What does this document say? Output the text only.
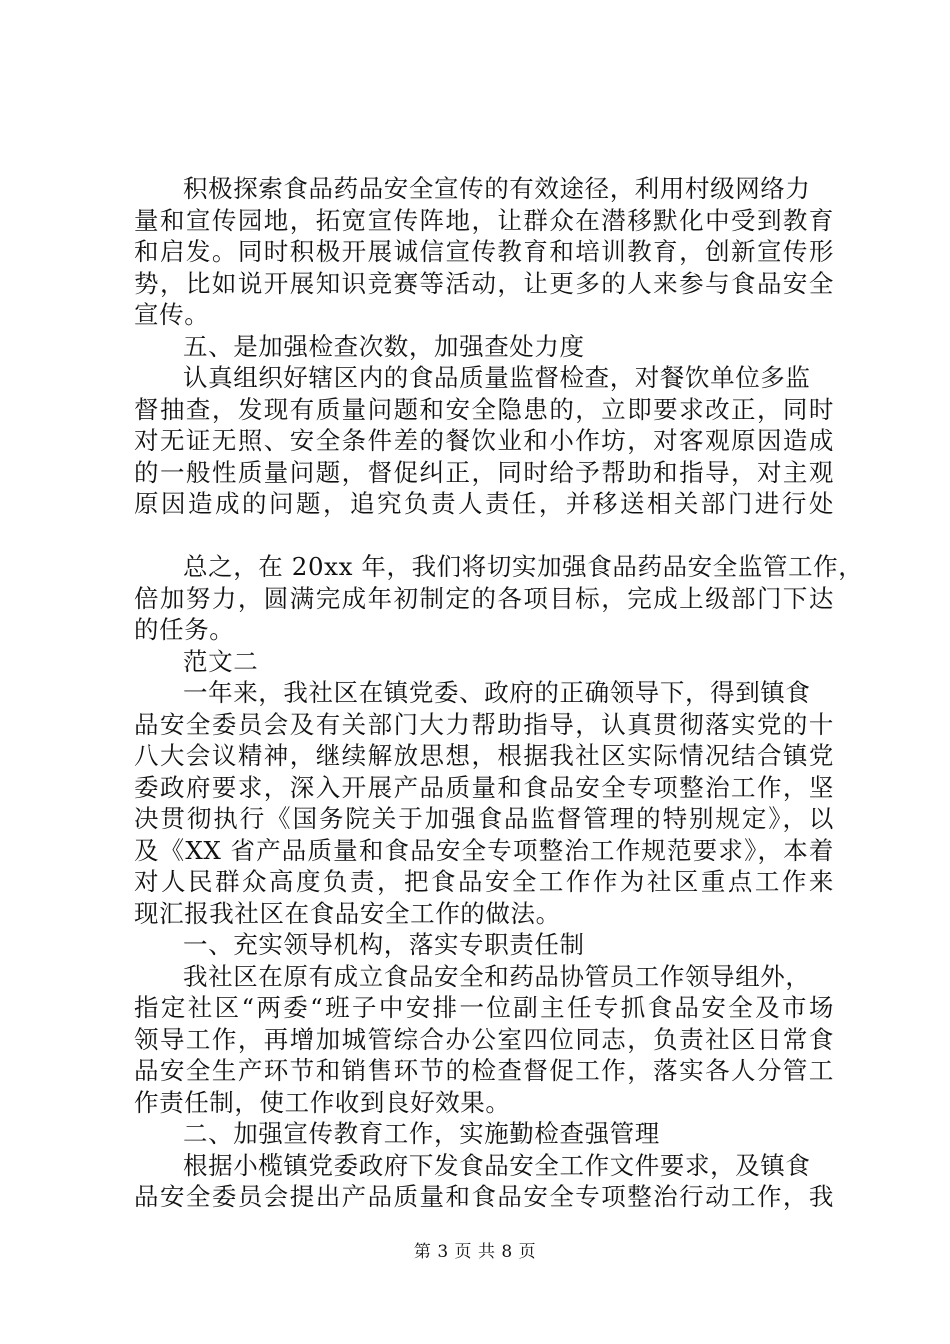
积极探索食品药品安全宣传的有效途径，利用村级网络力
量和宣传园地，拓宽宣传阵地，让群众在潜移默化中受到教育
和启发。同时积极开展诚信宣传教育和培训教育，创新宣传形
势，比如说开展知识竞赛等活动，让更多的人来参与食品安全
宣传。
五、是加强检查次数，加强查处力度
认真组织好辖区内的食品质量监督检查，对餐饮单位多监
督抽查，发现有质量问题和安全隐患的，立即要求改正，同时
对无证无照、安全条件差的餐饮业和小作坊，对客观原因造成
的一般性质量问题，督促纠正，同时给予帮助和指导，对主观
原因造成的问题，追究负责人责任，并移送相关部门进行处
总之，在 20xx 年，我们将切实加强食品药品安全监管工作，
倍加努力，圆满完成年初制定的各项目标，完成上级部门下达
的任务。
范文二
一年来，我社区在镇党委、政府的正确领导下，得到镇食
品安全委员会及有关部门大力帮助指导，认真贯彻落实党的十
八大会议精神，继续解放思想，根据我社区实际情况结合镇党
委政府要求，深入开展产品质量和食品安全专项整治工作，坚
决贯彻执行《国务院关于加强食品监督管理的特别规定》，以
及《XX 省产品质量和食品安全专项整治工作规范要求》，本着
对人民群众高度负责，把食品安全工作作为社区重点工作来
现汇报我社区在食品安全工作的做法。
一、充实领导机构，落实专职责任制
我社区在原有成立食品安全和药品协管员工作领导组外，
指定社区“两委“班子中安排一位副主任专抓食品安全及市场
领导工作，再增加城管综合办公室四位同志，负责社区日常食
品安全生产环节和销售环节的检查督促工作，落实各人分管工
作责任制，使工作收到良好效果。
二、加强宣传教育工作，实施勤检查强管理
根据小榄镇党委政府下发食品安全工作文件要求，及镇食
品安全委员会提出产品质量和食品安全专项整治行动工作，我
第 3 页 共 8 页
